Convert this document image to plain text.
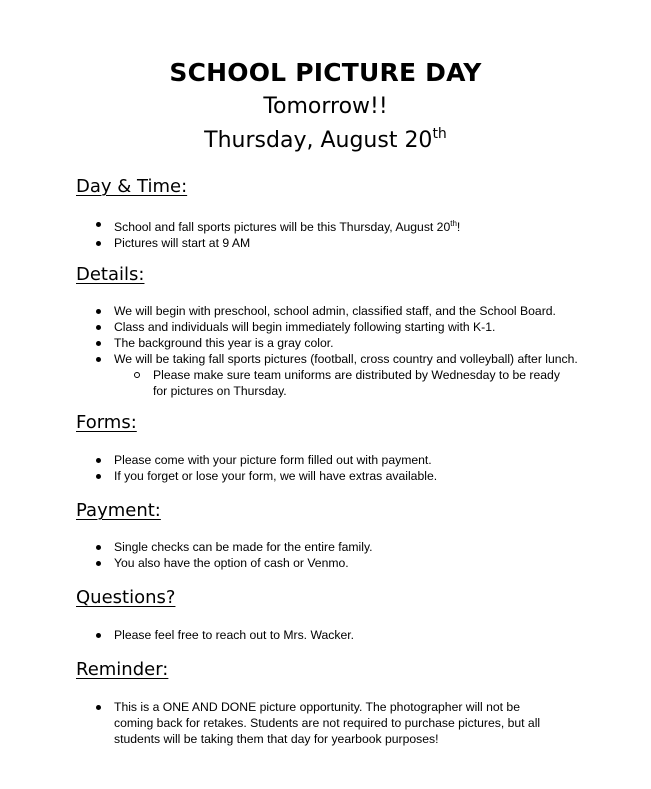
SCHOOL PICTURE DAY
Tomorrow!!
Thursday, August 20th
Day & Time:
School and fall sports pictures will be this Thursday, August 20th!
Pictures will start at 9 AM
Details:
We will begin with preschool, school admin, classified staff, and the School Board.
Class and individuals will begin immediately following starting with K-1.
The background this year is a gray color.
We will be taking fall sports pictures (football, cross country and volleyball) after lunch.
Please make sure team uniforms are distributed by Wednesday to be ready for pictures on Thursday.
Forms:
Please come with your picture form filled out with payment.
If you forget or lose your form, we will have extras available.
Payment:
Single checks can be made for the entire family.
You also have the option of cash or Venmo.
Questions?
Please feel free to reach out to Mrs. Wacker.
Reminder:
This is a ONE AND DONE picture opportunity. The photographer will not be coming back for retakes. Students are not required to purchase pictures, but all students will be taking them that day for yearbook purposes!
